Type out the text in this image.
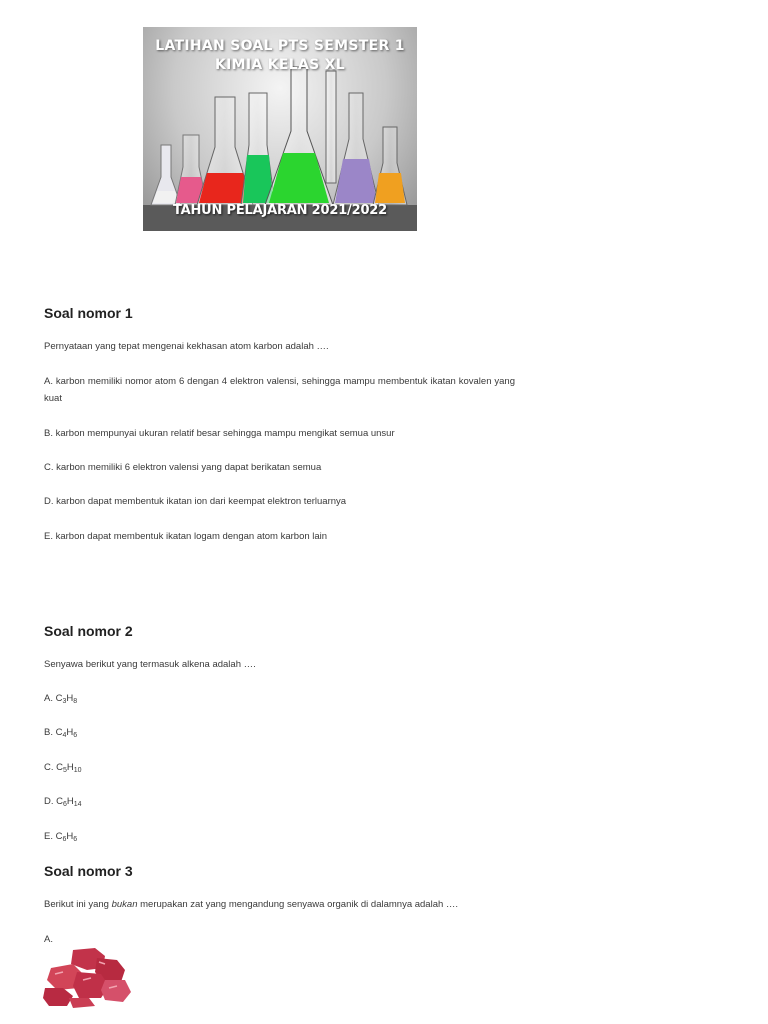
LATIHAN SOAL PTS SEMSTER 1
KIMIA KELAS XL
TAHUN PELAJARAN 2021/2022
Soal nomor 1

Pernyataan yang tepat mengenai kekhasan atom karbon adalah ….

A. karbon memiliki nomor atom 6 dengan 4 elektron valensi, sehingga mampu membentuk ikatan kovalen yang kuat

B. karbon mempunyai ukuran relatif besar sehingga mampu mengikat semua unsur

C. karbon memiliki 6 elektron valensi yang dapat berikatan semua

D. karbon dapat membentuk ikatan ion dari keempat elektron terluarnya

E. karbon dapat membentuk ikatan logam dengan atom karbon lain

Soal nomor 2

Senyawa berikut yang termasuk alkena adalah ….

A. $C_3H_8$

B. $C_4H_6$

C. $C_5H_{10}$

D. $C_6H_{14}$

E. $C_6H_6$

Soal nomor 3

Berikut ini yang bukan merupakan zat yang mengandung senyawa organik di dalamnya adalah ….

A.
